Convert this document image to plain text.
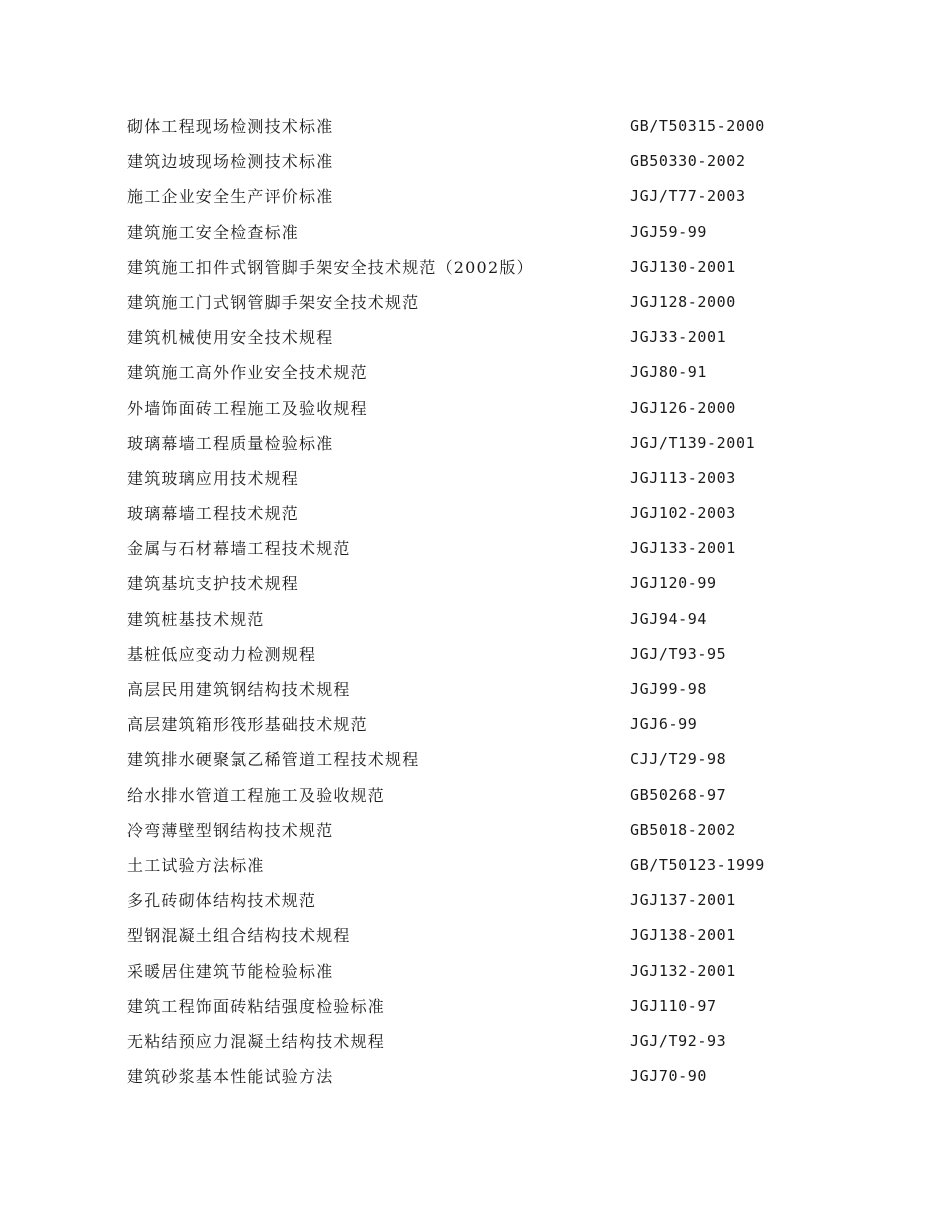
砌体工程现场检测技术标准	GB/T50315-2000
建筑边坡现场检测技术标准	GB50330-2002
施工企业安全生产评价标准	JGJ/T77-2003
建筑施工安全检查标准	JGJ59-99
建筑施工扣件式钢管脚手架安全技术规范（2002版）	JGJ130-2001
建筑施工门式钢管脚手架安全技术规范	JGJ128-2000
建筑机械使用安全技术规程	JGJ33-2001
建筑施工高外作业安全技术规范	JGJ80-91
外墙饰面砖工程施工及验收规程	JGJ126-2000
玻璃幕墙工程质量检验标准	JGJ/T139-2001
建筑玻璃应用技术规程	JGJ113-2003
玻璃幕墙工程技术规范	JGJ102-2003
金属与石材幕墙工程技术规范	JGJ133-2001
建筑基坑支护技术规程	JGJ120-99
建筑桩基技术规范	JGJ94-94
基桩低应变动力检测规程	JGJ/T93-95
高层民用建筑钢结构技术规程	JGJ99-98
高层建筑箱形筏形基础技术规范	JGJ6-99
建筑排水硬聚氯乙稀管道工程技术规程	CJJ/T29-98
给水排水管道工程施工及验收规范	GB50268-97
冷弯薄壁型钢结构技术规范	GB5018-2002
土工试验方法标准	GB/T50123-1999
多孔砖砌体结构技术规范	JGJ137-2001
型钢混凝土组合结构技术规程	JGJ138-2001
采暖居住建筑节能检验标准	JGJ132-2001
建筑工程饰面砖粘结强度检验标准	JGJ110-97
无粘结预应力混凝土结构技术规程	JGJ/T92-93
建筑砂浆基本性能试验方法	JGJ70-90
